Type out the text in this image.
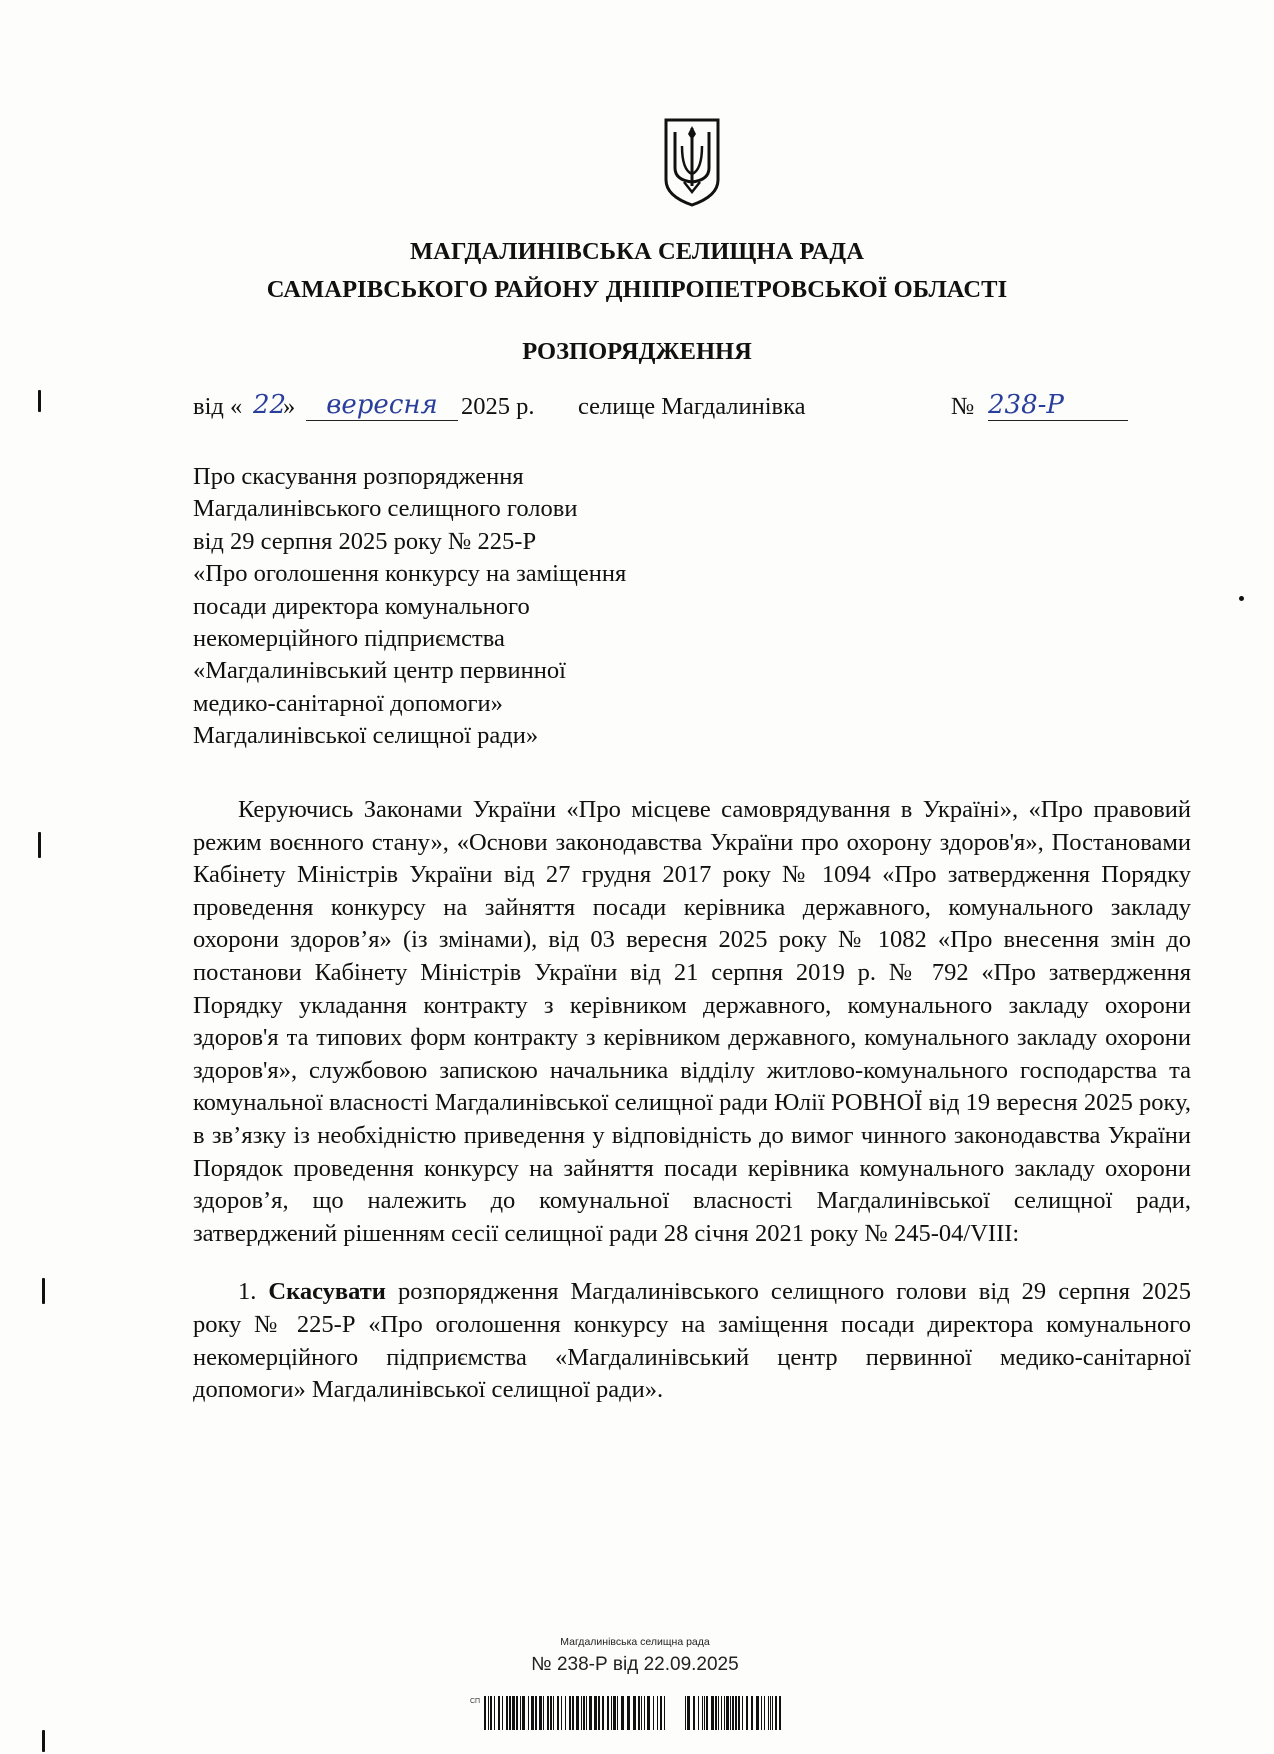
МАГДАЛИНІВСЬКА СЕЛИЩНА РАДА
САМАРІВСЬКОГО РАЙОНУ ДНІПРОПЕТРОВСЬКОЇ ОБЛАСТІ
РОЗПОРЯДЖЕННЯ
від « 22
»	вересня 2025 р. селище Магдалинівка	№ 238-Р
Про скасування розпорядження
Магдалинівського селищного голови
від 29 серпня 2025 року № 225-Р
«Про оголошення конкурсу на заміщення
посади директора комунального
некомерційного підприємства
«Магдалинівський центр первинної
медико-санітарної допомоги»
Магдалинівської селищної ради»

Керуючись Законами України «Про місцеве самоврядування в Україні», «Про правовий режим воєнного стану», «Основи законодавства України про охорону здоров'я», Постановами Кабінету Міністрів України від 27 грудня 2017 року № 1094 «Про затвердження Порядку проведення конкурсу на зайняття посади керівника державного, комунального закладу охорони здоров’я» (із змінами), від 03 вересня 2025 року № 1082 «Про внесення змін до постанови Кабінету Міністрів України від 21 серпня 2019 р. № 792 «Про затвердження Порядку укладання контракту з керівником державного, комунального закладу охорони здоров'я та типових форм контракту з керівником державного, комунального закладу охорони здоров'я», службовою запискою начальника відділу житлово-комунального господарства та комунальної власності Магдалинівської селищної ради Юлії РОВНОЇ від 19 вересня 2025 року, в зв’язку із необхідністю приведення у відповідність до вимог чинного законодавства України Порядок проведення конкурсу на зайняття посади керівника комунального закладу охорони здоров’я, що належить до комунальної власності Магдалинівської селищної ради, затверджений рішенням сесії селищної ради 28 січня 2021 року № 245-04/VIII:

1. Скасувати розпорядження Магдалинівського селищного голови від 29 серпня 2025 року № 225-Р «Про оголошення конкурсу на заміщення посади директора комунального некомерційного підприємства «Магдалинівський центр первинної медико-санітарної допомоги» Магдалинівської селищної ради».

Магдалинівська селищна рада
№ 238-Р від 22.09.2025
СП
